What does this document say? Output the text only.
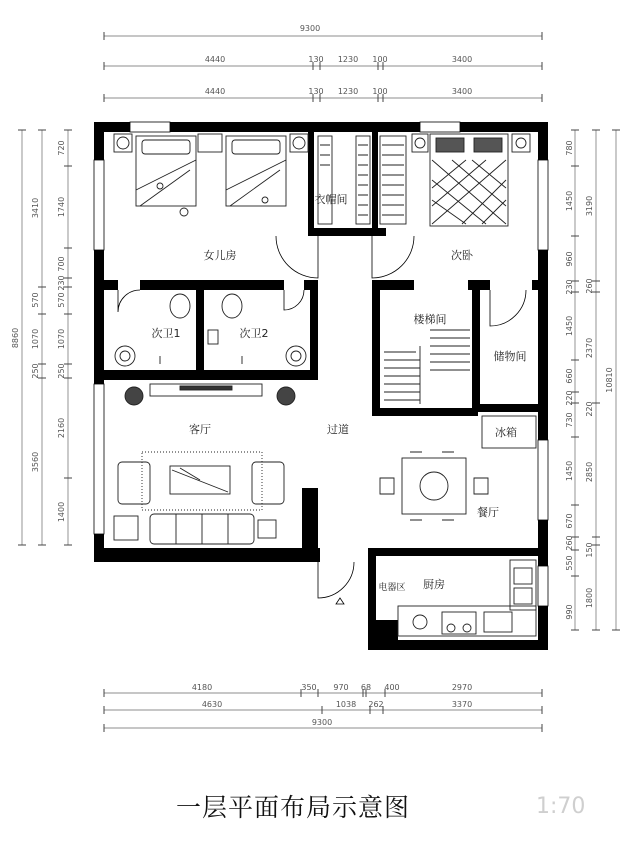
9300
4440	130 1230 100	3400
4440	130 1230 100	3400
4180	350 970 68 400	2970
4630	1038 262	3370
9300
8860
3410
570
1070
250
3560
720
1740
700
230
570
1070
250
2160
1400
10810
3190
260
2370
220
2850
150
1800
780
1450
960
230
1450
660
220
730
1450
670
260
550
990
女儿房
衣帽间
次卧
次卫1	次卫2
楼梯间
储物间
客厅	过道	冰箱
餐厅
厨房
电器区
一层平面布局示意图	1:70
